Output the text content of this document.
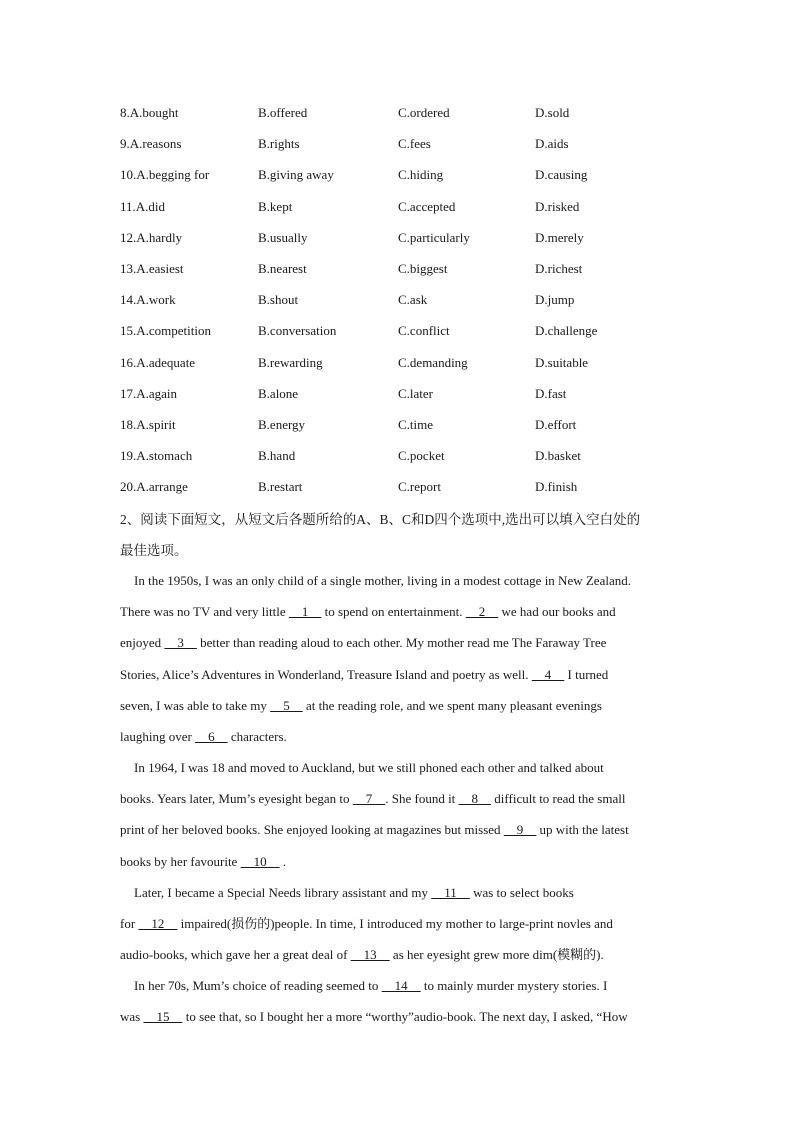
8.A.bought	B.offered	C.ordered	D.sold
9.A.reasons	B.rights	C.fees	D.aids
10.A.begging for	B.giving away	C.hiding	D.causing
11.A.did	B.kept	C.accepted	D.risked
12.A.hardly	B.usually	C.particularly	D.merely
13.A.easiest	B.nearest	C.biggest	D.richest
14.A.work	B.shout	C.ask	D.jump
15.A.competition	B.conversation	C.conflict	D.challenge
16.A.adequate	B.rewarding	C.demanding	D.suitable
17.A.again	B.alone	C.later	D.fast
18.A.spirit	B.energy	C.time	D.effort
19.A.stomach	B.hand	C.pocket	D.basket
20.A.arrange	B.restart	C.report	D.finish
2、阅读下面短文，从短文后各题所给的A、B、C和D四个选项中,选出可以填入空白处的
最佳选项。
In the 1950s, I was an only child of a single mother, living in a modest cottage in New Zealand.
There was no TV and very little     1     to spend on entertainment.     2     we had our books and
enjoyed     3     better than reading aloud to each other. My mother read me The Faraway Tree
Stories, Alice’s Adventures in Wonderland, Treasure Island and poetry as well.     4     I turned
seven, I was able to take my     5     at the reading role, and we spent many pleasant evenings
laughing over     6     characters.
In 1964, I was 18 and moved to Auckland, but we still phoned each other and talked about
books. Years later, Mum’s eyesight began to     7    . She found it     8     difficult to read the small
print of her beloved books. She enjoyed looking at magazines but missed     9     up with the latest
books by her favourite     10     .
Later, I became a Special Needs library assistant and my     11     was to select books
for     12     impaired(损伤的)people. In time, I introduced my mother to large-print novles and
audio-books, which gave her a great deal of     13     as her eyesight grew more dim(模糊的).
In her 70s, Mum’s choice of reading seemed to     14     to mainly murder mystery stories. I
was     15     to see that, so I bought her a more “worthy”audio-book. The next day, I asked, “How
